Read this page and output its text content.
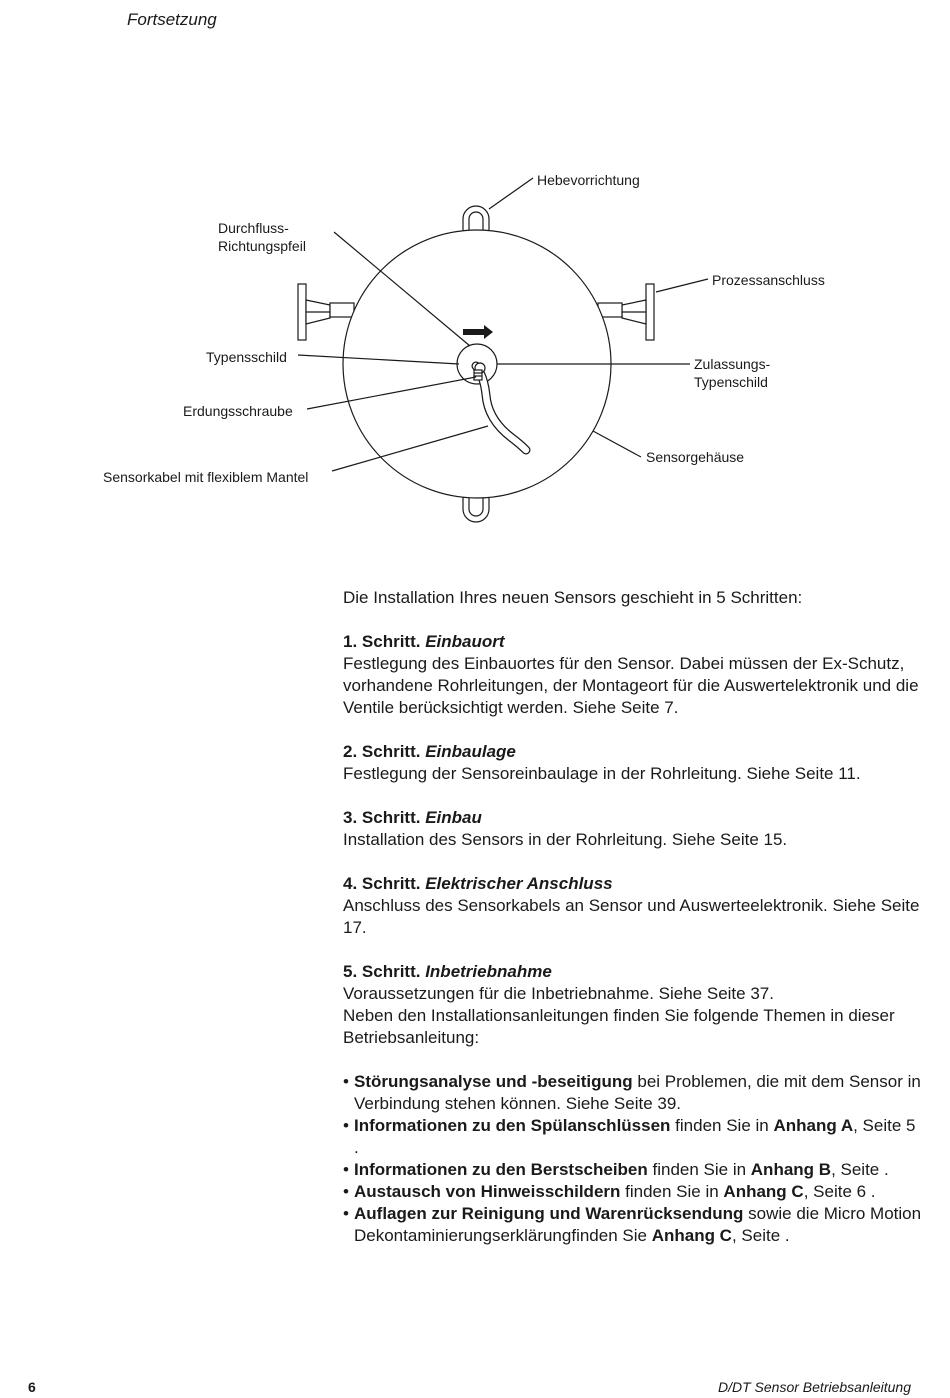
Fortsetzung
Hebevorrichtung
Durchfluss-
Richtungspfeil
Prozessanschluss
Typensschild	Zulassungs-
Typenschild
Erdungsschraube
Sensorgehäuse
Sensorkabel mit flexiblem Mantel

Die Installation Ihres neuen Sensors geschieht in 5 Schritten:

1. Schritt. Einbauort

Festlegung des Einbauortes für den Sensor. Dabei müssen der Ex-Schutz, vorhandene Rohrleitungen, der Montageort für die Auswertelektronik und die Ventile berücksichtigt werden. Siehe Seite 7.

2. Schritt. Einbaulage

Festlegung der Sensoreinbaulage in der Rohrleitung. Siehe Seite 11.

3. Schritt. Einbau

Installation des Sensors in der Rohrleitung. Siehe Seite 15.

4. Schritt. Elektrischer Anschluss

Anschluss des Sensorkabels an Sensor und Auswerteelektronik. Siehe Seite 17.

5. Schritt. Inbetriebnahme

Voraussetzungen für die Inbetriebnahme. Siehe Seite 37.

Neben den Installationsanleitungen finden Sie folgende Themen in dieser Betriebsanleitung:

• Störungsanalyse und -beseitigung bei Problemen, die mit dem Sensor in Verbindung stehen können. Siehe Seite 39.
• Informationen zu den Spülanschlüssen finden Sie in Anhang A, Seite 5 .
• Informationen zu den Berstscheiben finden Sie in Anhang B, Seite .
• Austausch von Hinweisschildern finden Sie in Anhang C, Seite 6 .
• Auflagen zur Reinigung und Warenrücksendung sowie die Micro Motion Dekontaminierungserklärungfinden Sie Anhang C, Seite .
6	D/DT Sensor Betriebsanleitung
